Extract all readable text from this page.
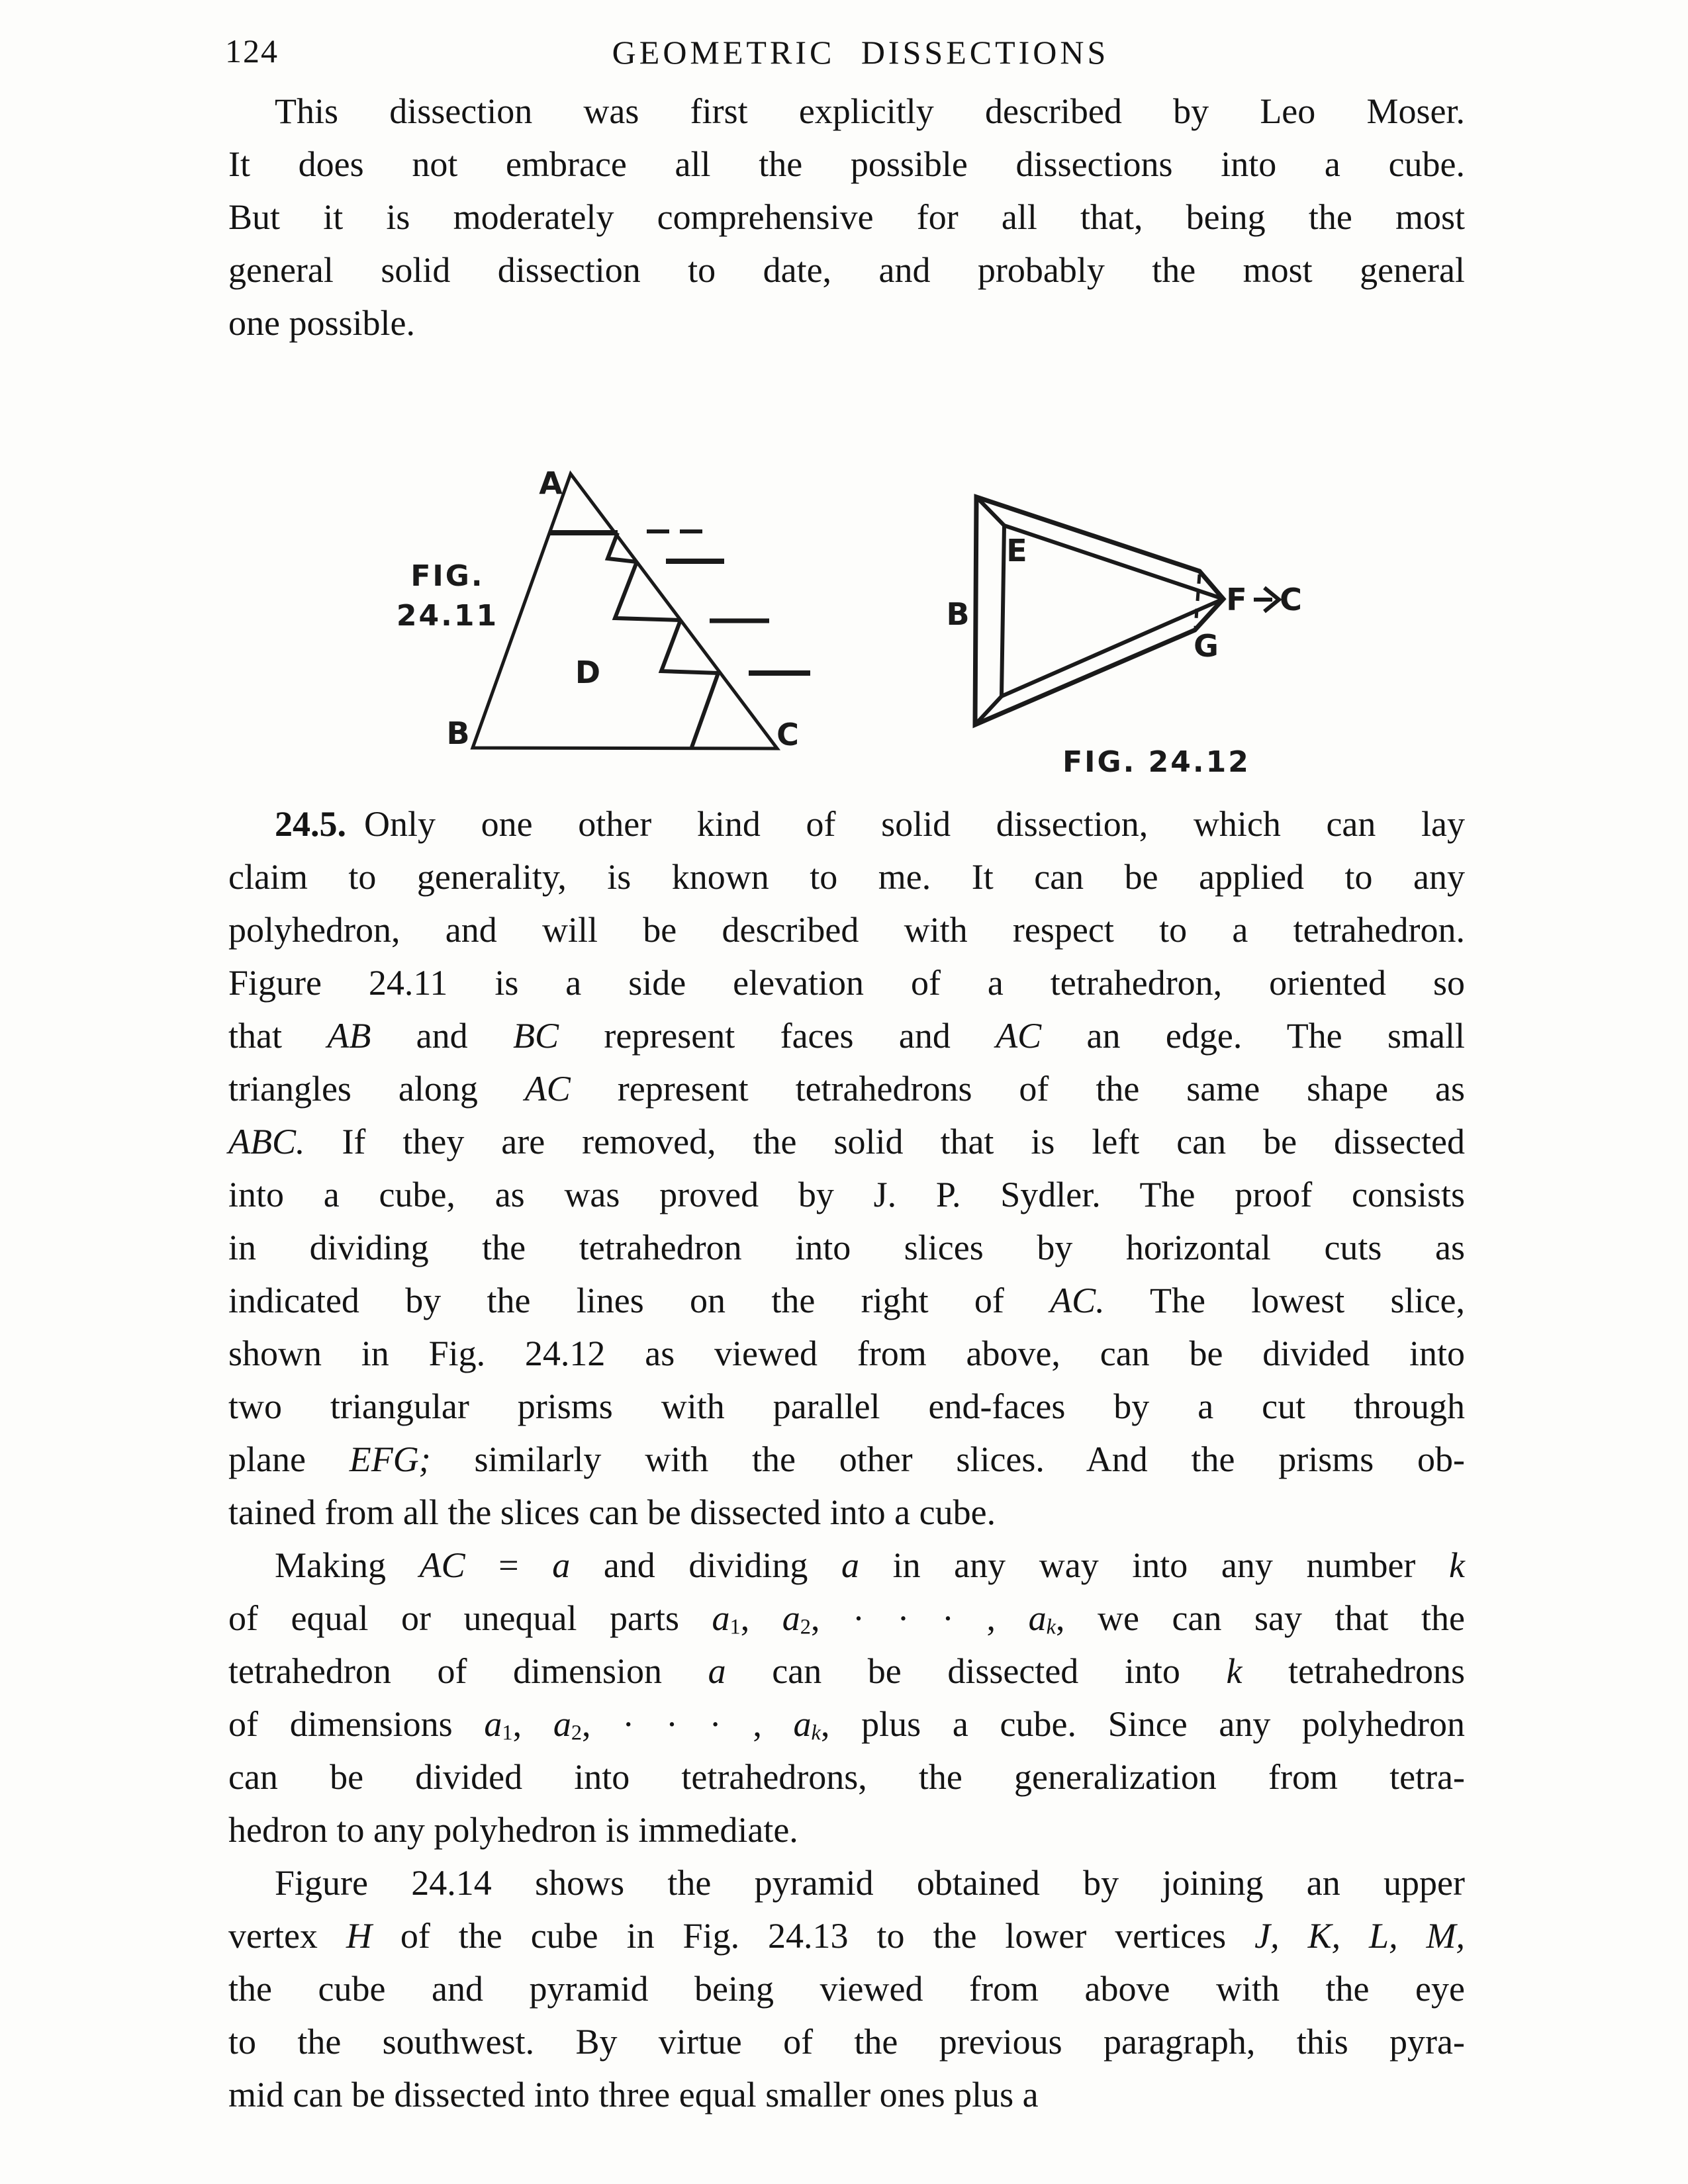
124	GEOMETRIC DISSECTIONS
This dissection was first explicitly described by Leo Moser.
It does not embrace all the possible dissections into a cube.
But it is moderately comprehensive for all that, being the most
general solid dissection to date, and probably the most general
one possible.
A
B	C
D
FIG.
24.11	B
E
F
G
C
FIG. 24.12
24.5. Only one other kind of solid dissection, which can lay
claim to generality, is known to me. It can be applied to any
polyhedron, and will be described with respect to a tetrahedron.
Figure 24.11 is a side elevation of a tetrahedron, oriented so
that AB and BC represent faces and AC an edge. The small
triangles along AC represent tetrahedrons of the same shape as
ABC. If they are removed, the solid that is left can be dissected
into a cube, as was proved by J. P. Sydler. The proof consists
in dividing the tetrahedron into slices by horizontal cuts as
indicated by the lines on the right of AC. The lowest slice,
shown in Fig. 24.12 as viewed from above, can be divided into
two triangular prisms with parallel end-faces by a cut through
plane EFG; similarly with the other slices. And the prisms ob-
tained from all the slices can be dissected into a cube.
Making AC = a and dividing a in any way into any number k
of equal or unequal parts a1, a2, · · · , ak, we can say that the
tetrahedron of dimension a can be dissected into k tetrahedrons
of dimensions a1, a2, · · · , ak, plus a cube. Since any polyhedron
can be divided into tetrahedrons, the generalization from tetra-
hedron to any polyhedron is immediate.
Figure 24.14 shows the pyramid obtained by joining an upper
vertex H of the cube in Fig. 24.13 to the lower vertices J, K, L, M,
the cube and pyramid being viewed from above with the eye
to the southwest. By virtue of the previous paragraph, this pyra-
mid can be dissected into three equal smaller ones plus a
